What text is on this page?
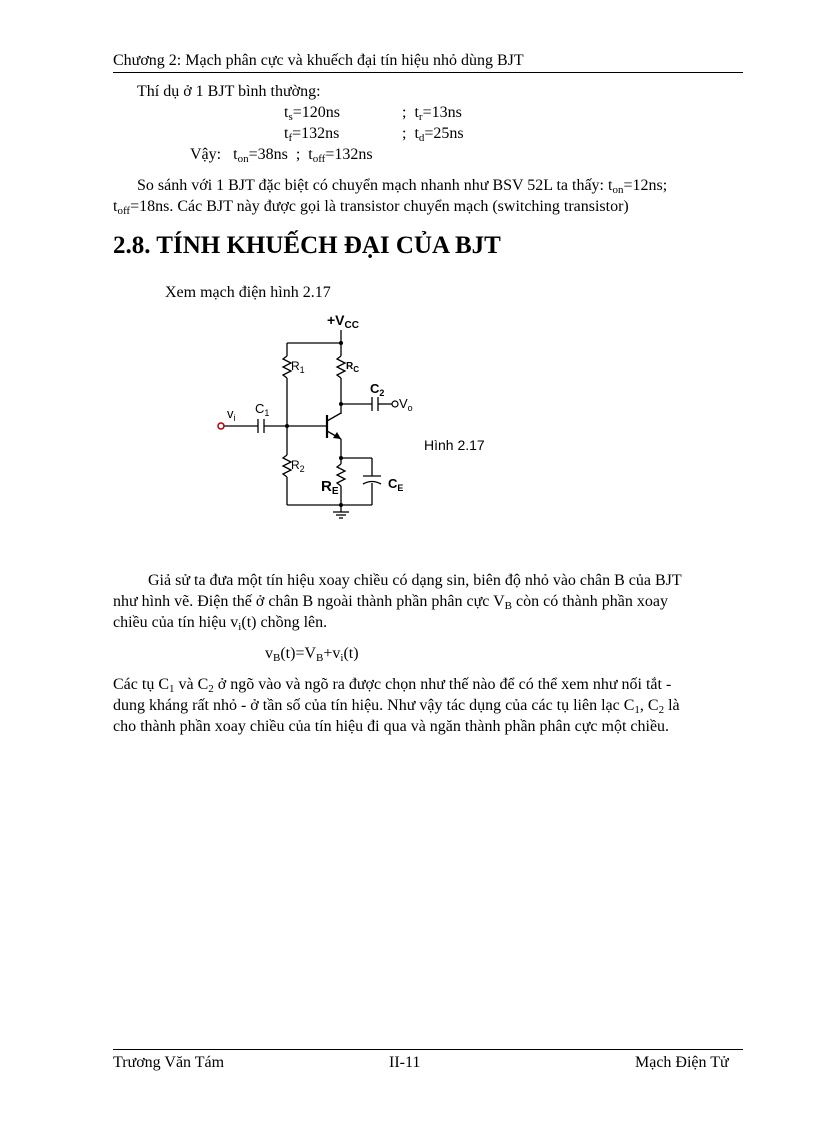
Chương 2: Mạch phân cực và khuếch đại tín hiệu nhỏ dùng BJT
Thí dụ ở 1 BJT bình thường:
$t_s=120ns$	; $t_r=13ns$
$t_f=132ns$	; $t_d=25ns$
Vậy: $t_{on}=38ns$ ; $t_{off}=132ns$
So sánh với 1 BJT đặc biệt có chuyển mạch nhanh như BSV 52L ta thấy: $t_{on}=12ns$;
$t_{off}=18ns$. Các BJT này được gọi là transistor chuyển mạch (switching transistor)
2.8. TÍNH KHUẾCH ĐẠI CỦA BJT
Xem mạch điện hình 2.17
$+V_{CC}$
$R_1$	$R_C$
$C_2$
$V_o$
$v_i$
$C_1$
$R_2$
$R_E$
$C_E$
Hình 2.17
Giả sử ta đưa một tín hiệu xoay chiều có dạng sin, biên độ nhỏ vào chân B của BJT
như hình vẽ. Điện thế ở chân B ngoài thành phần phân cực $V_B$ còn có thành phần xoay
chiều của tín hiệu $v_i(t)$ chồng lên.
$v_B(t)=V_B+v_i(t)$
Các tụ $C_1$ và $C_2$ ở ngõ vào và ngõ ra được chọn như thế nào để có thể xem như nối tắt -
dung kháng rất nhỏ - ở tần số của tín hiệu. Như vậy tác dụng của các tụ liên lạc $C_1$, $C_2$ là
cho thành phần xoay chiều của tín hiệu đi qua và ngăn thành phần phân cực một chiều.
Trương Văn Tám	II-11	Mạch Điện Tử
